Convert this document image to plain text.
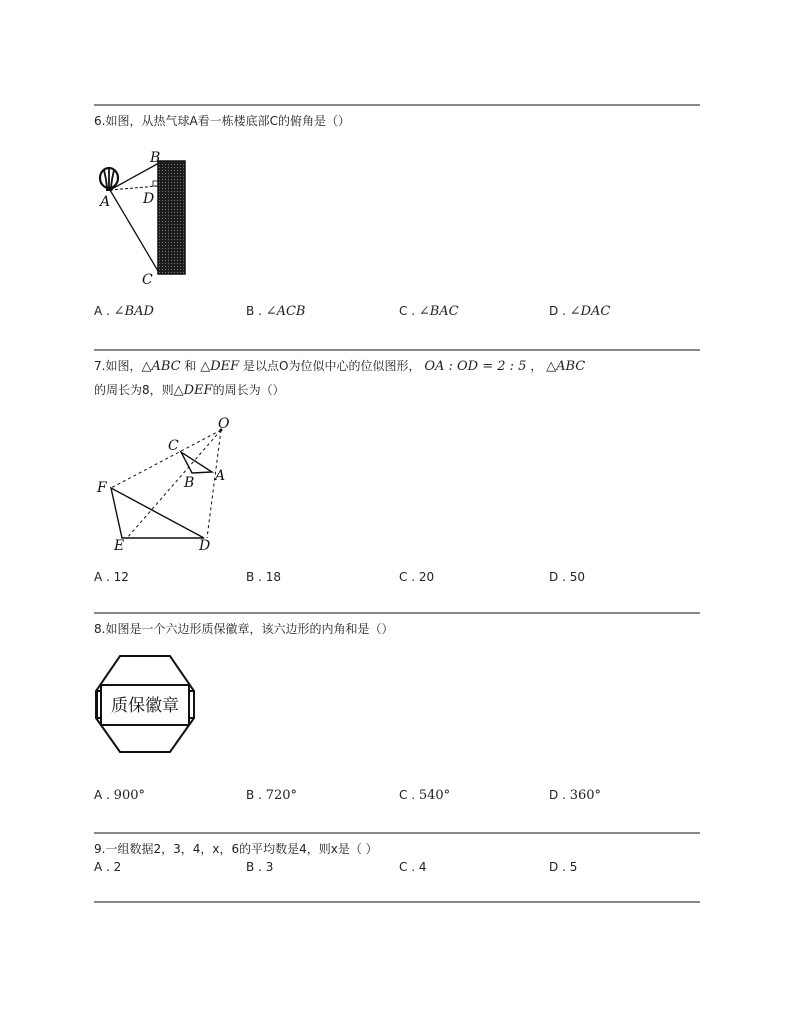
6.如图，从热气球A看一栋楼底部C的俯角是（）
B
D
A
C
A . ∠BAD	B . ∠ACB	C . ∠BAC	D . ∠DAC
7.如图，△ABC 和 △DEF 是以点O为位似中心的位似图形， OA : OD = 2 : 5 ， △ABC
的周长为8，则△DEF的周长为（）
O
C
A
B
F
E	D
A . 12	B . 18	C . 20	D . 50
8.如图是一个六边形质保徽章，该六边形的内角和是（）
质保徽章
A . 900°	B . 720°	C . 540°	D . 360°
9.一组数据2，3，4，x，6的平均数是4，则x是（ ）
A . 2	B . 3	C . 4	D . 5
